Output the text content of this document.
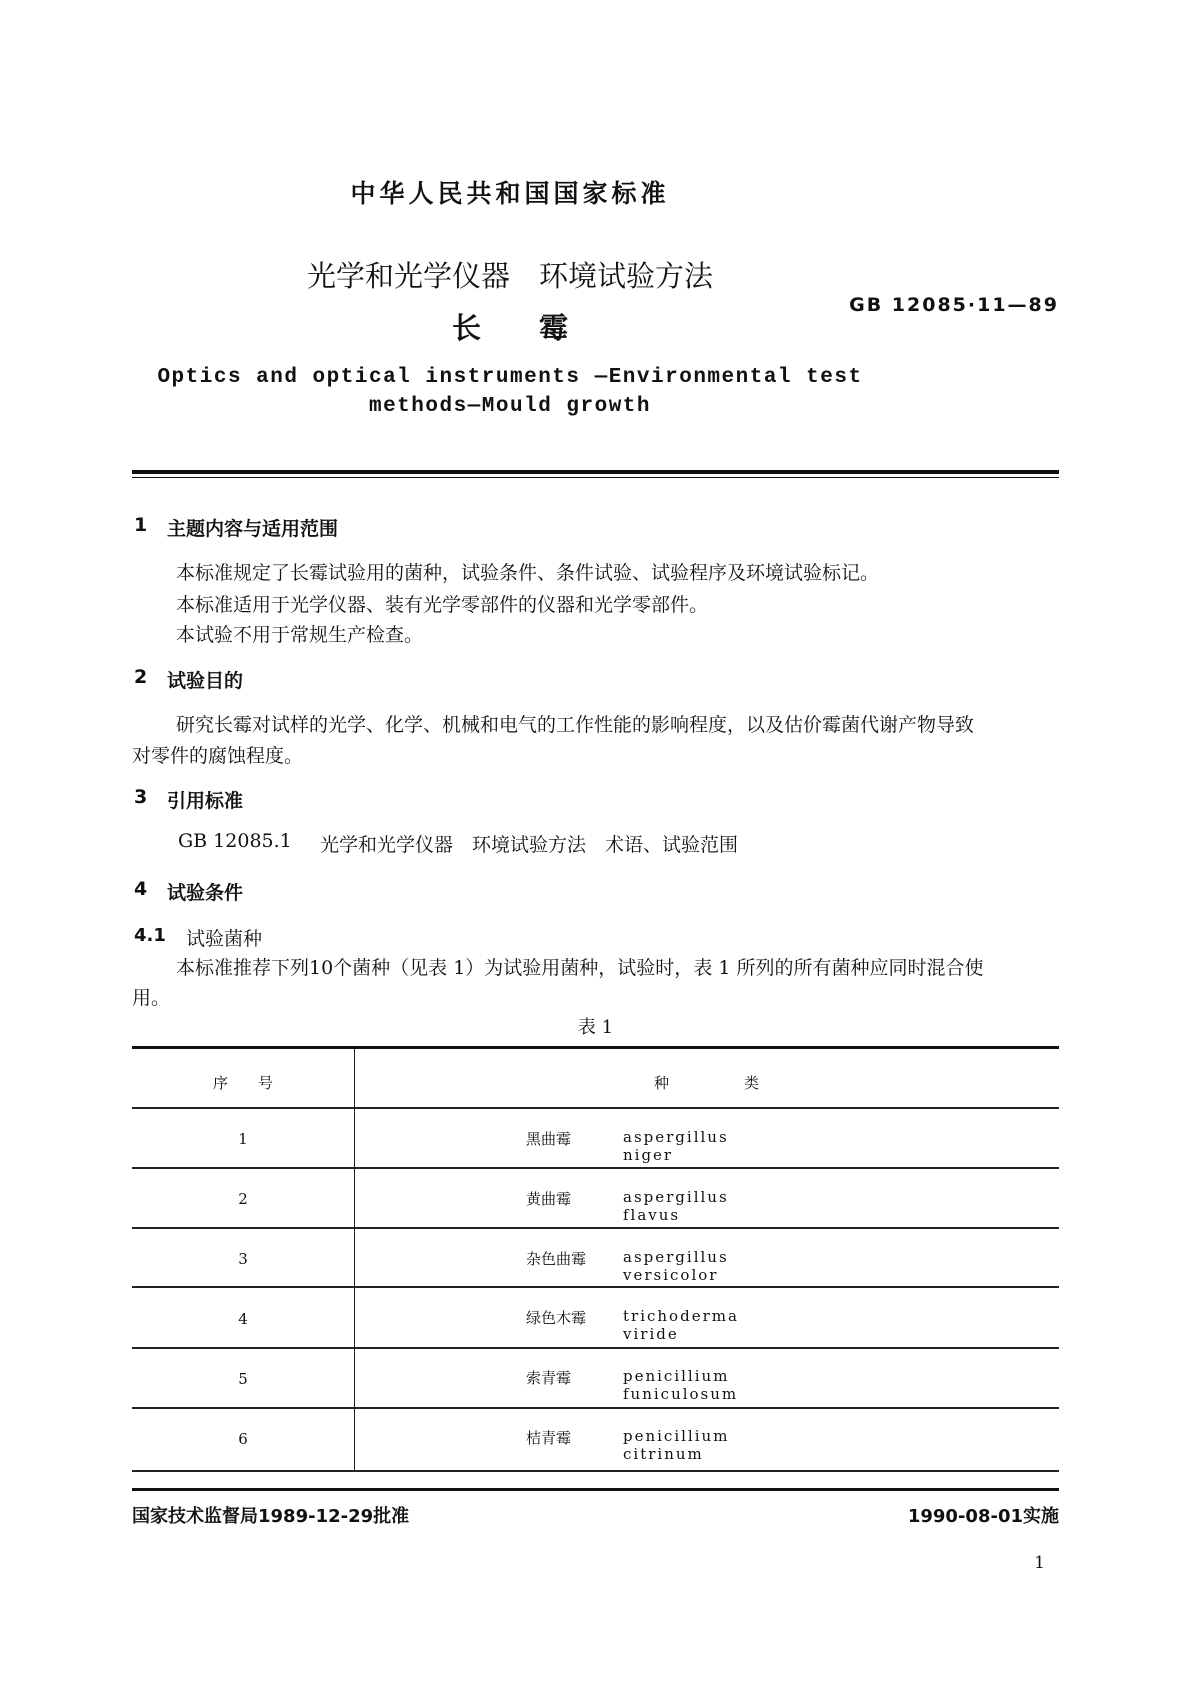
中华人民共和国国家标准
光学和光学仪器　环境试验方法
长　　霉
GB 12085·11—89
Optics and optical instruments —Environmental test
methods—Mould growth
1 主题内容与适用范围
本标准规定了长霉试验用的菌种，试验条件、条件试验、试验程序及环境试验标记。
本标准适用于光学仪器、装有光学零部件的仪器和光学零部件。
本试验不用于常规生产检查。
2 试验目的
研究长霉对试样的光学、化学、机械和电气的工作性能的影响程度，以及估价霉菌代谢产物导致
对零件的腐蚀程度。
3 引用标准
GB 12085.1 光学和光学仪器　环境试验方法　术语、试验范围
4 试验条件
4.1 试验菌种
本标准推荐下列10个菌种（见表 1）为试验用菌种，试验时，表 1 所列的所有菌种应同时混合使
用。
表 1
序　　号	种　　　　　类
1	黑曲霉	aspergillus niger
2	黄曲霉	aspergillus flavus
3	杂色曲霉 aspergillus versicolor
4	绿色木霉 trichoderma viride
5	索青霉	penicillium funiculosum
6	桔青霉	penicillium citrinum
国家技术监督局1989-12-29批准	1990-08-01实施
1
